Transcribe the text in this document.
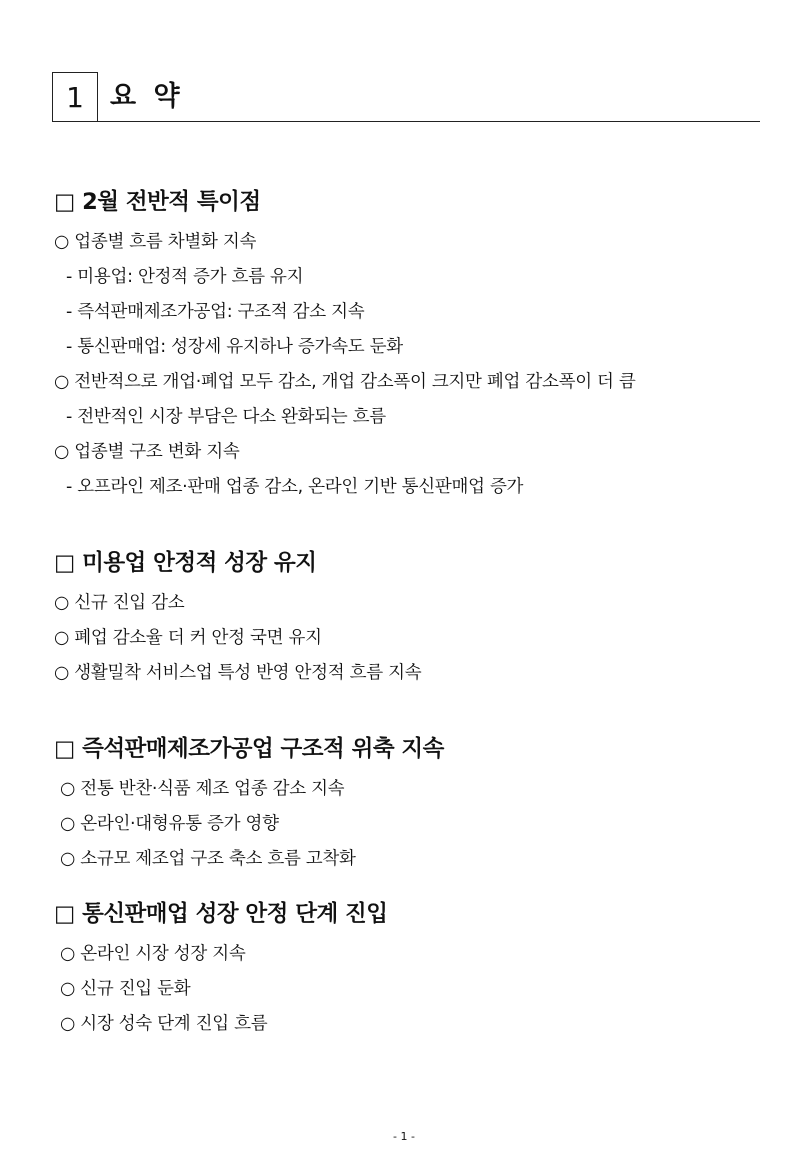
1 요 약
□ 2월 전반적 특이점
○ 업종별 흐름 차별화 지속
- 미용업: 안정적 증가 흐름 유지
- 즉석판매제조가공업: 구조적 감소 지속
- 통신판매업: 성장세 유지하나 증가속도 둔화
○ 전반적으로 개업·폐업 모두 감소, 개업 감소폭이 크지만 폐업 감소폭이 더 큼
- 전반적인 시장 부담은 다소 완화되는 흐름
○ 업종별 구조 변화 지속
- 오프라인 제조·판매 업종 감소, 온라인 기반 통신판매업 증가
□ 미용업 안정적 성장 유지
○ 신규 진입 감소
○ 폐업 감소율 더 커 안정 국면 유지
○ 생활밀착 서비스업 특성 반영 안정적 흐름 지속
□ 즉석판매제조가공업 구조적 위축 지속
○ 전통 반찬·식품 제조 업종 감소 지속
○ 온라인·대형유통 증가 영향
○ 소규모 제조업 구조 축소 흐름 고착화
□ 통신판매업 성장 안정 단계 진입
○ 온라인 시장 성장 지속
○ 신규 진입 둔화
○ 시장 성숙 단계 진입 흐름
- 1 -
